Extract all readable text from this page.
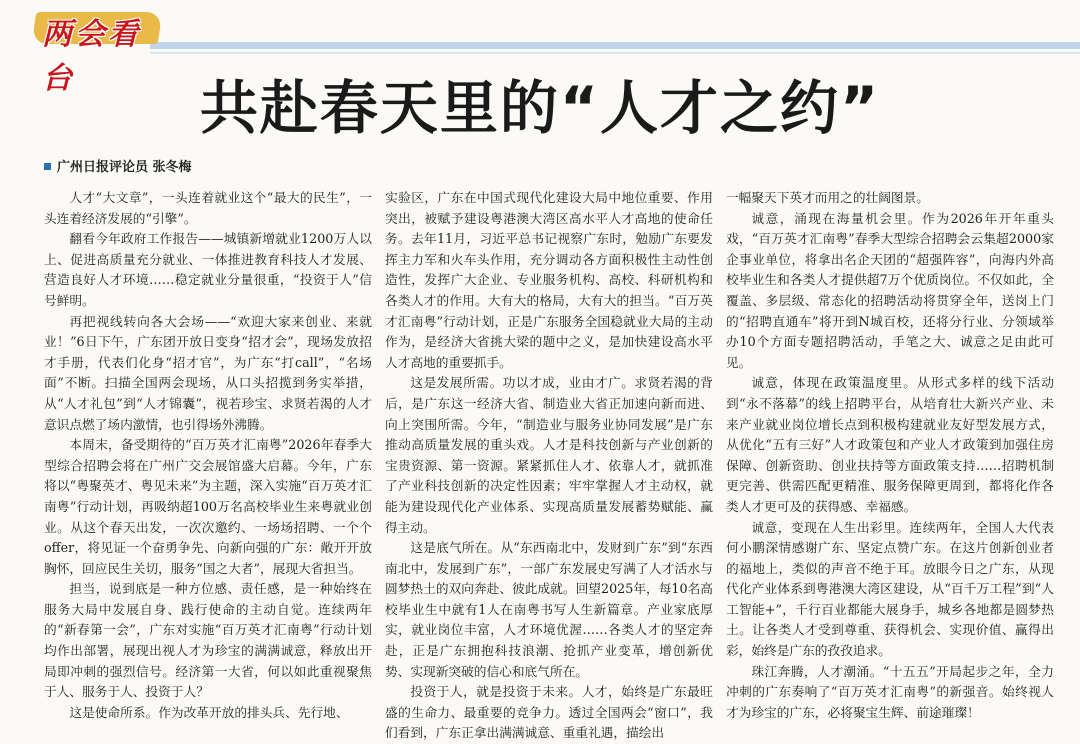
两会看台	共赴春天里的“人才之约”
广州日报评论员 张冬梅

人才“大文章”，一头连着就业这个“最大的民生”，一头连着经济发展的“引擎”。

翻看今年政府工作报告——城镇新增就业1200万人以上、促进高质量充分就业、一体推进教育科技人才发展、营造良好人才环境……稳定就业分量很重，“投资于人”信号鲜明。

再把视线转向各大会场——“欢迎大家来创业、来就业！”6日下午，广东团开放日变身“招才会”，现场发放招才手册，代表们化身“招才官”，为广东“打call”，“名场面”不断。扫描全国两会现场，从口头招揽到务实举措，从“人才礼包”到“人才锦囊”，视若珍宝、求贤若渴的人才意识点燃了场内激情，也引得场外沸腾。

本周末，备受期待的“百万英才汇南粤”2026年春季大型综合招聘会将在广州广交会展馆盛大启幕。今年，广东将以“粤聚英才、粤见未来”为主题，深入实施“百万英才汇南粤”行动计划，再吸纳超100万名高校毕业生来粤就业创业。从这个春天出发，一次次邀约、一场场招聘、一个个offer，将见证一个奋勇争先、向新向强的广东：敞开开放胸怀，回应民生关切，服务“国之大者”，展现大省担当。

担当，说到底是一种方位感、责任感，是一种始终在服务大局中发展自身、践行使命的主动自觉。连续两年的“新春第一会”，广东对实施“百万英才汇南粤”行动计划均作出部署，展现出视人才为珍宝的满满诚意，释放出开局即冲刺的强烈信号。经济第一大省，何以如此重视聚焦于人、服务于人、投资于人？

这是使命所系。作为改革开放的排头兵、先行地、

实验区，广东在中国式现代化建设大局中地位重要、作用突出，被赋予建设粤港澳大湾区高水平人才高地的使命任务。去年11月，习近平总书记视察广东时，勉励广东要发挥主力军和火车头作用，充分调动各方面积极性主动性创造性，发挥广大企业、专业服务机构、高校、科研机构和各类人才的作用。大有大的格局，大有大的担当。“百万英才汇南粤”行动计划，正是广东服务全国稳就业大局的主动作为，是经济大省挑大梁的题中之义，是加快建设高水平人才高地的重要抓手。

这是发展所需。功以才成，业由才广。求贤若渴的背后，是广东这一经济大省、制造业大省正加速向新而进、向上突围所需。今年，“制造业与服务业协同发展”是广东推动高质量发展的重头戏。人才是科技创新与产业创新的宝贵资源、第一资源。紧紧抓住人才、依靠人才，就抓准了产业科技创新的决定性因素；牢牢掌握人才主动权，就能为建设现代化产业体系、实现高质量发展蓄势赋能、赢得主动。

这是底气所在。从“东西南北中，发财到广东”到“东西南北中，发展到广东”，一部广东发展史写满了人才活水与圆梦热土的双向奔赴、彼此成就。回望2025年，每10名高校毕业生中就有1人在南粤书写人生新篇章。产业家底厚实，就业岗位丰富，人才环境优渥……各类人才的坚定奔赴，正是广东拥抱科技浪潮、抢抓产业变革，增创新优势、实现新突破的信心和底气所在。

投资于人，就是投资于未来。人才，始终是广东最旺盛的生命力、最重要的竞争力。透过全国两会“窗口”，我们看到，广东正拿出满满诚意、重重礼遇，描绘出

一幅聚天下英才而用之的壮阔图景。

诚意，涌现在海量机会里。作为2026年开年重头戏，“百万英才汇南粤”春季大型综合招聘会云集超2000家企事业单位，将拿出名企天团的“超强阵容”，向海内外高校毕业生和各类人才提供超7万个优质岗位。不仅如此，全覆盖、多层级、常态化的招聘活动将贯穿全年，送岗上门的“招聘直通车”将开到N城百校，还将分行业、分领域举办10个方面专题招聘活动，手笔之大、诚意之足由此可见。

诚意，体现在政策温度里。从形式多样的线下活动到“永不落幕”的线上招聘平台，从培育壮大新兴产业、未来产业就业岗位增长点到积极构建就业友好型发展方式，从优化“五有三好”人才政策包和产业人才政策到加强住房保障、创新资助、创业扶持等方面政策支持……招聘机制更完善、供需匹配更精准、服务保障更周到，都将化作各类人才更可及的获得感、幸福感。

诚意，变现在人生出彩里。连续两年，全国人大代表何小鹏深情感谢广东、坚定点赞广东。在这片创新创业者的福地上，类似的声音不绝于耳。放眼今日之广东，从现代化产业体系到粤港澳大湾区建设，从“百千万工程”到“人工智能+”，千行百业都能大展身手，城乡各地都是圆梦热土。让各类人才受到尊重、获得机会、实现价值、赢得出彩，始终是广东的孜孜追求。

珠江奔腾，人才潮涌。“十五五”开局起步之年，全力冲刺的广东奏响了“百万英才汇南粤”的新强音。始终视人才为珍宝的广东，必将聚宝生辉、前途璀璨！
